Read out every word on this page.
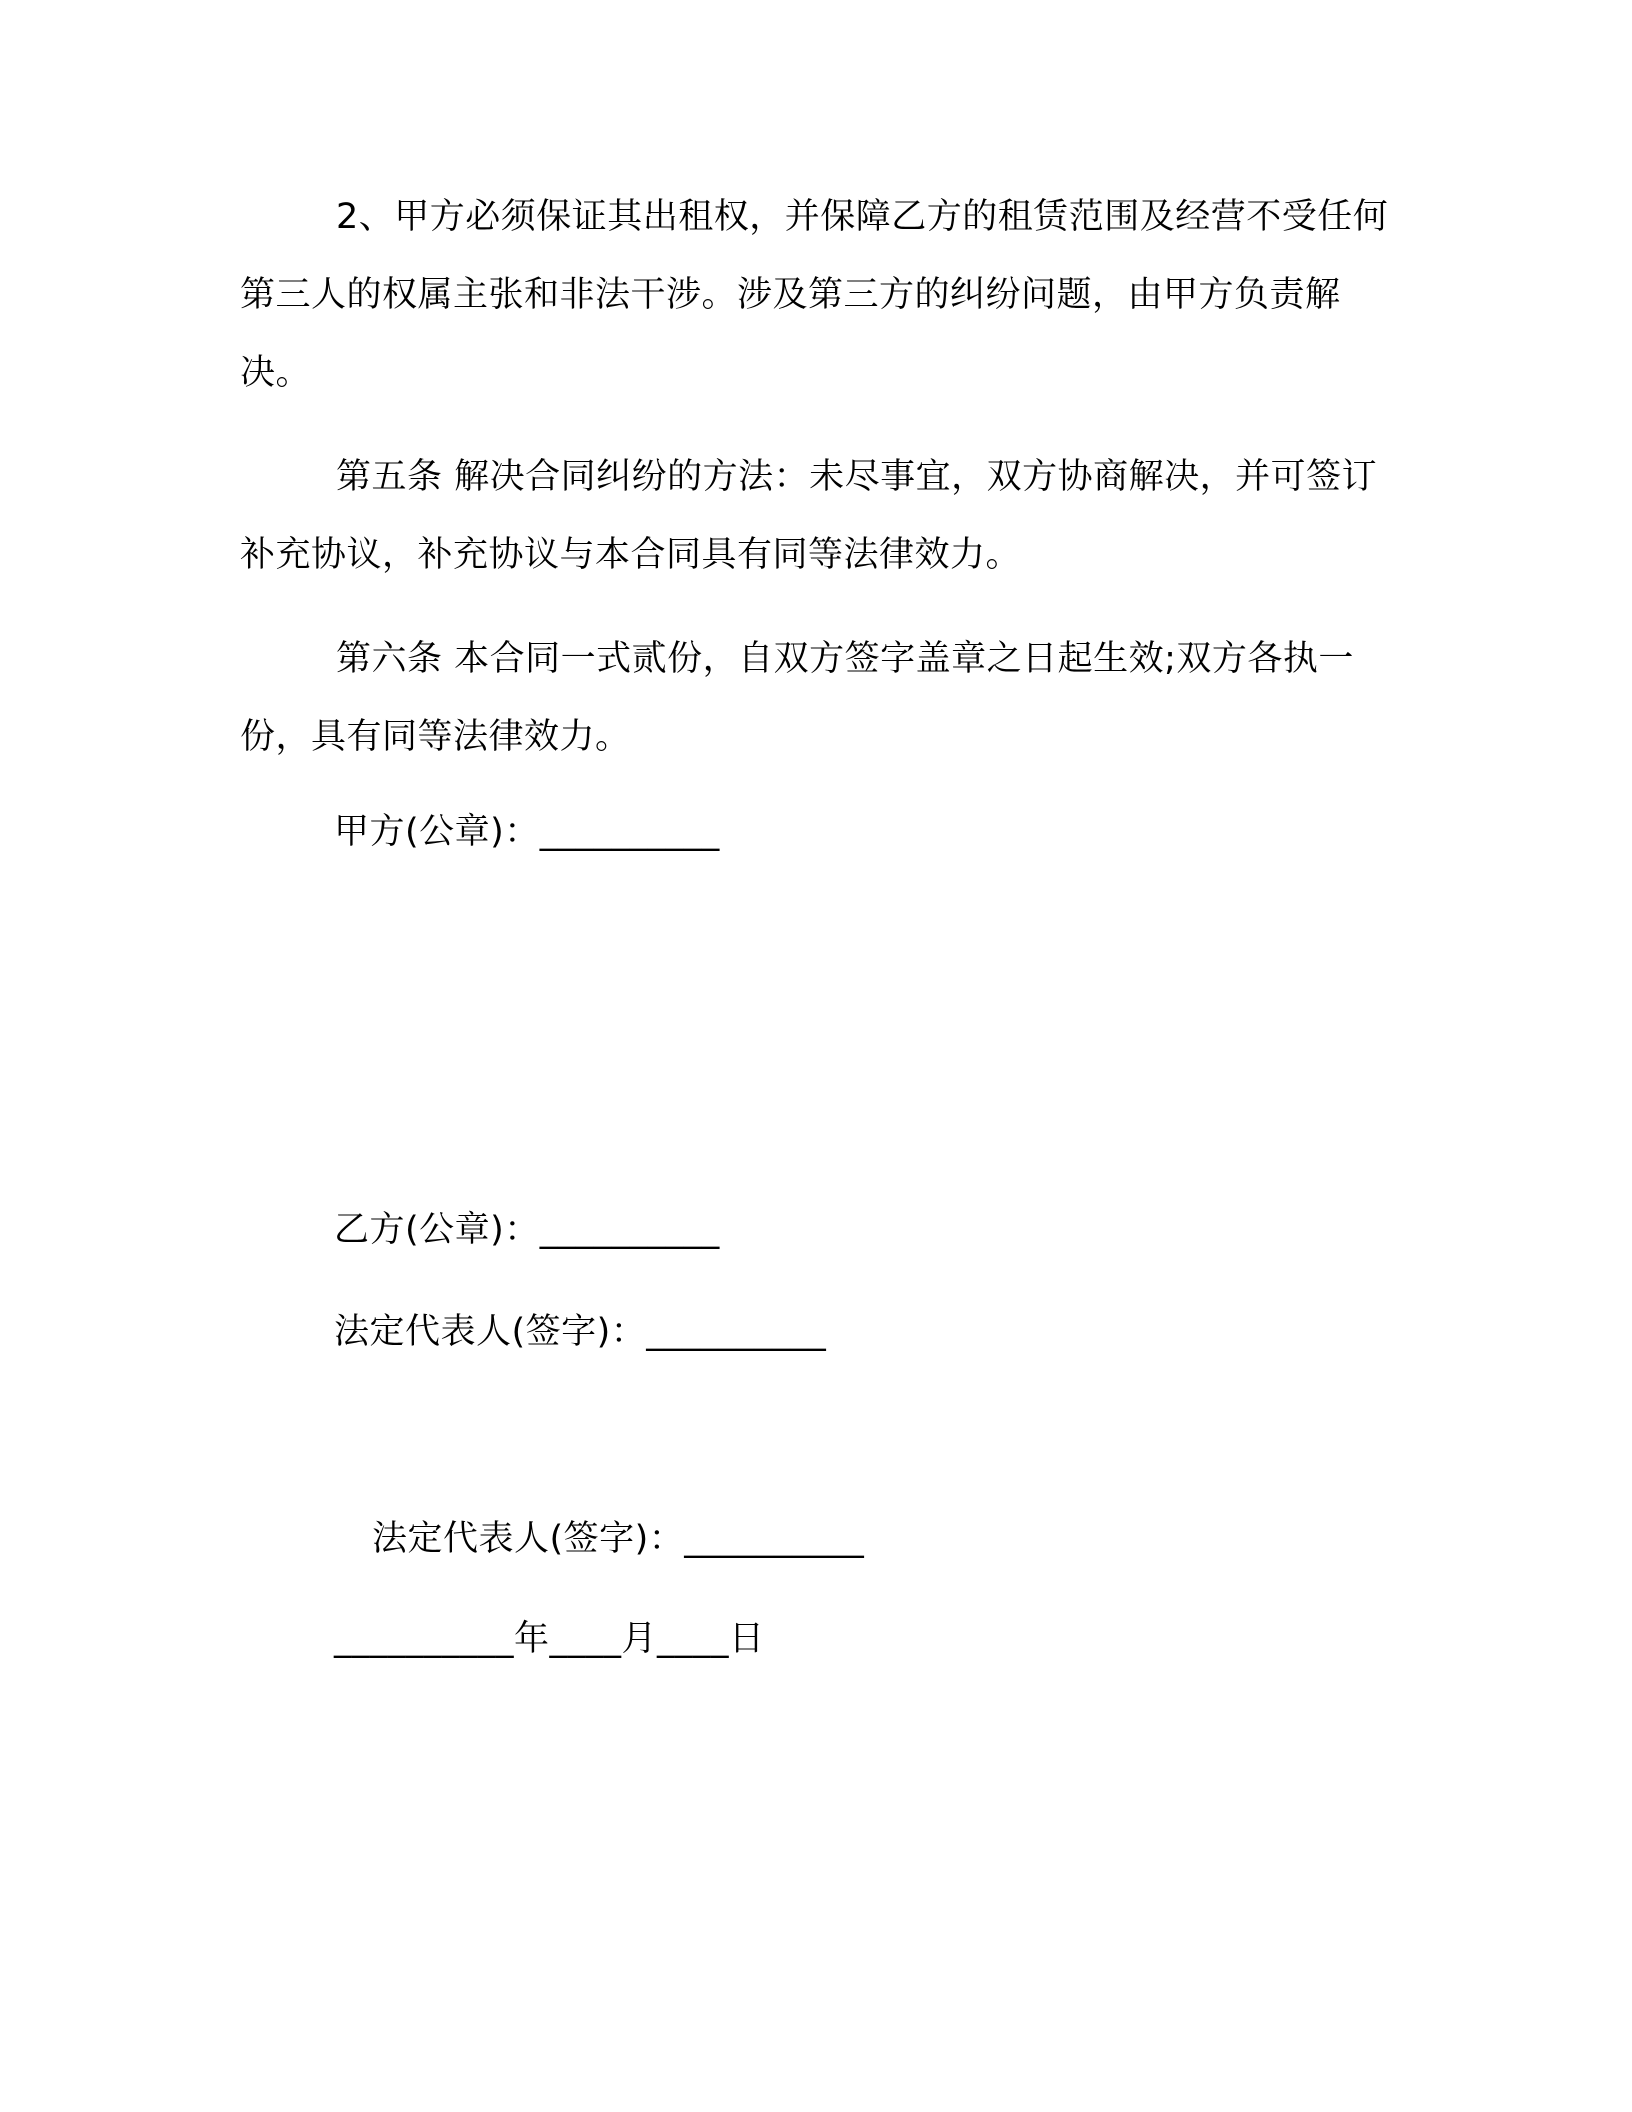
2、甲方必须保证其出租权，并保障乙方的租赁范围及经营不受任何第三人的权属主张和非法干涉。涉及第三方的纠纷问题，由甲方负责解决。

第五条 解决合同纠纷的方法：未尽事宜，双方协商解决，并可签订补充协议，补充协议与本合同具有同等法律效力。

第六条 本合同一式贰份，自双方签字盖章之日起生效;双方各执一份，具有同等法律效力。

甲方(公章)：__________

乙方(公章)：__________

法定代表人(签字)：__________

法定代表人(签字)：__________

__________年____月____日
